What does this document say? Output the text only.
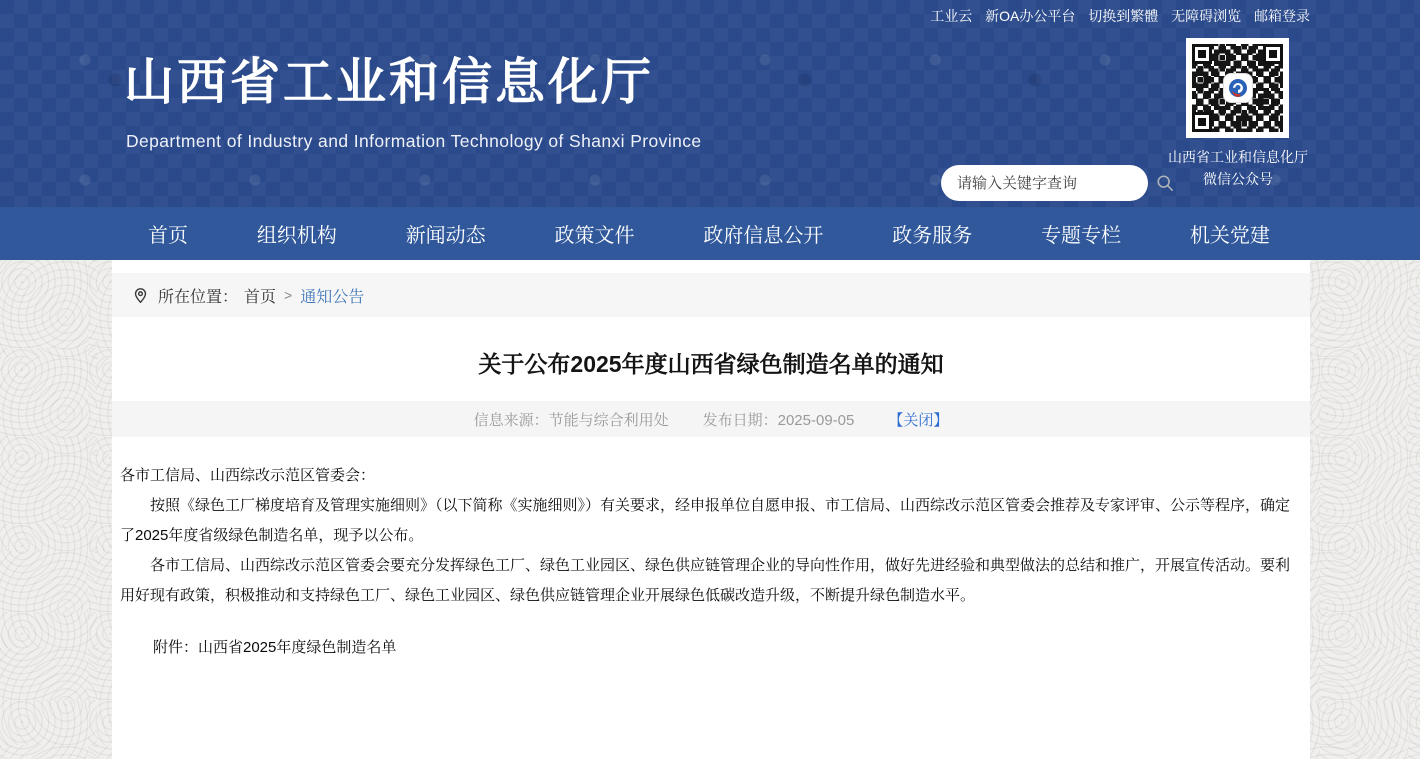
工业云 新OA办公平台 切换到繁體 无障碍浏览 邮箱登录
山西省工业和信息化厅
Department of Industry and Information Technology of Shanxi Province
请输入关键字查询
山西省工业和信息化厅
微信公众号
首页	组织机构	新闻动态	政策文件	政府信息公开	政务服务	专题专栏	机关党建
所在位置： 首页 > 通知公告
关于公布2025年度山西省绿色制造名单的通知
信息来源：节能与综合利用处 发布日期：2025-09-05 【关闭】

各市工信局、山西综改示范区管委会：

按照《绿色工厂梯度培育及管理实施细则》（以下简称《实施细则》）有关要求，经申报单位自愿申报、市工信局、山西综改示范区管委会推荐及专家评审、公示等程序，确定了2025年度省级绿色制造名单，现予以公布。

各市工信局、山西综改示范区管委会要充分发挥绿色工厂、绿色工业园区、绿色供应链管理企业的导向性作用，做好先进经验和典型做法的总结和推广，开展宣传活动。要利用好现有政策，积极推动和支持绿色工厂、绿色工业园区、绿色供应链管理企业开展绿色低碳改造升级，不断提升绿色制造水平。

附件：山西省2025年度绿色制造名单
